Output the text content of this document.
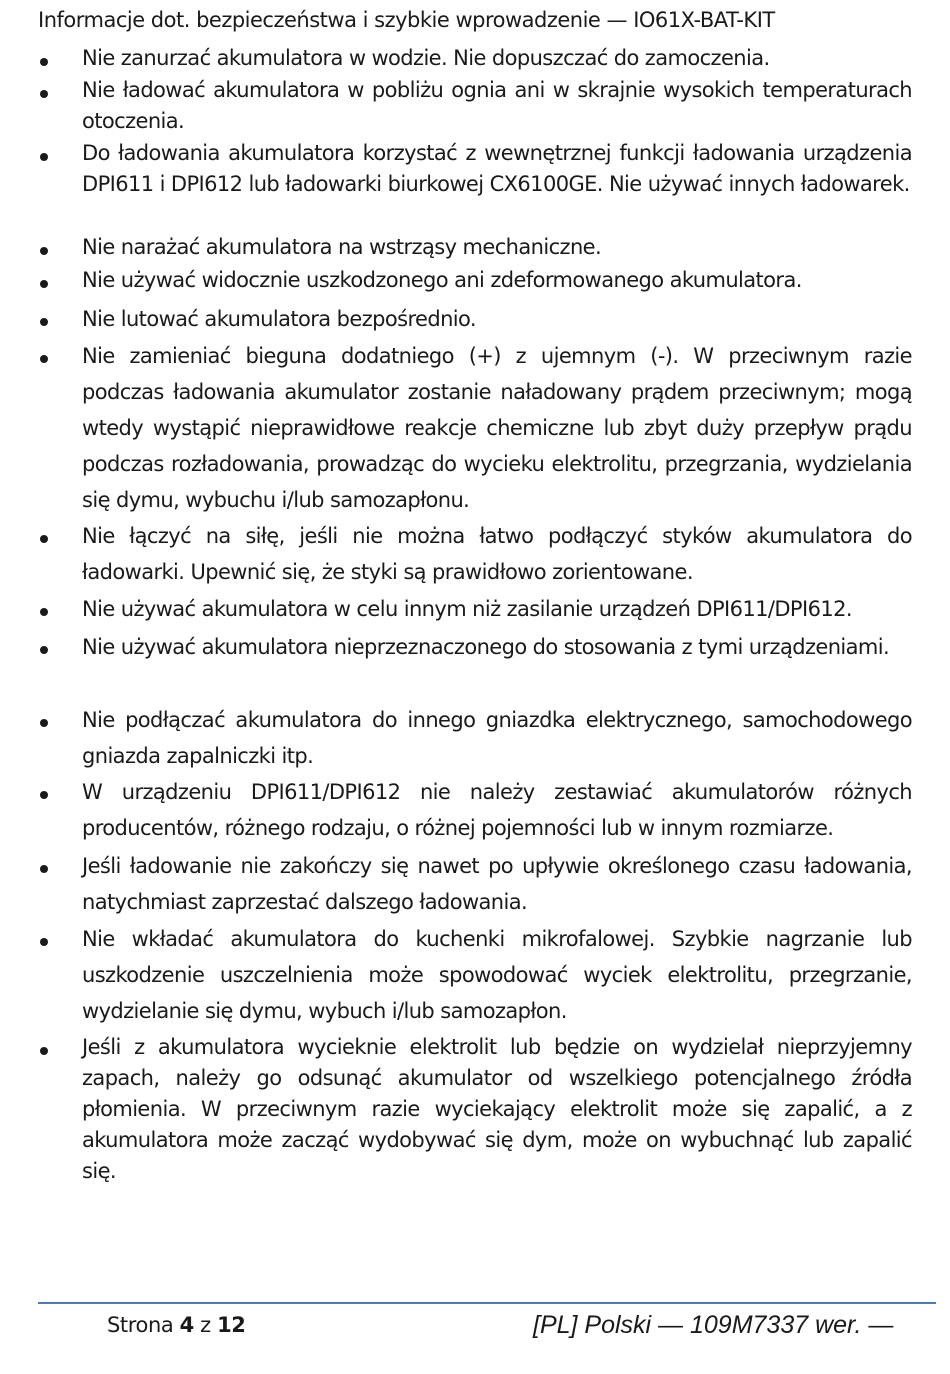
Informacje dot. bezpieczeństwa i szybkie wprowadzenie — IO61X-BAT-KIT
Nie zanurzać akumulatora w wodzie. Nie dopuszczać do zamoczenia.
Nie ładować akumulatora w pobliżu ognia ani w skrajnie wysokich temperaturach otoczenia.
Do ładowania akumulatora korzystać z wewnętrznej funkcji ładowania urządzenia DPI611 i DPI612 lub ładowarki biurkowej CX6100GE. Nie używać innych ładowarek.
Nie narażać akumulatora na wstrząsy mechaniczne.
Nie używać widocznie uszkodzonego ani zdeformowanego akumulatora.
Nie lutować akumulatora bezpośrednio.
Nie zamieniać bieguna dodatniego (+) z ujemnym (-). W przeciwnym razie podczas ładowania akumulator zostanie naładowany prądem przeciwnym; mogą wtedy wystąpić nieprawidłowe reakcje chemiczne lub zbyt duży przepływ prądu podczas rozładowania, prowadząc do wycieku elektrolitu, przegrzania, wydzielania się dymu, wybuchu i/lub samozapłonu.
Nie łączyć na siłę, jeśli nie można łatwo podłączyć styków akumulatora do ładowarki. Upewnić się, że styki są prawidłowo zorientowane.
Nie używać akumulatora w celu innym niż zasilanie urządzeń DPI611/DPI612.
Nie używać akumulatora nieprzeznaczonego do stosowania z tymi urządzeniami.
Nie podłączać akumulatora do innego gniazdka elektrycznego, samochodowego gniazda zapalniczki itp.
W urządzeniu DPI611/DPI612 nie należy zestawiać akumulatorów różnych producentów, różnego rodzaju, o różnej pojemności lub w innym rozmiarze.
Jeśli ładowanie nie zakończy się nawet po upływie określonego czasu ładowania, natychmiast zaprzestać dalszego ładowania.
Nie wkładać akumulatora do kuchenki mikrofalowej. Szybkie nagrzanie lub uszkodzenie uszczelnienia może spowodować wyciek elektrolitu, przegrzanie, wydzielanie się dymu, wybuch i/lub samozapłon.
Jeśli z akumulatora wycieknie elektrolit lub będzie on wydzielał nieprzyjemny zapach, należy go odsunąć akumulator od wszelkiego potencjalnego źródła płomienia. W przeciwnym razie wyciekający elektrolit może się zapalić, a z akumulatora może zacząć wydobywać się dym, może on wybuchnąć lub zapalić się.
Strona 4 z 12	[PL] Polski — 109M7337 wer. —
